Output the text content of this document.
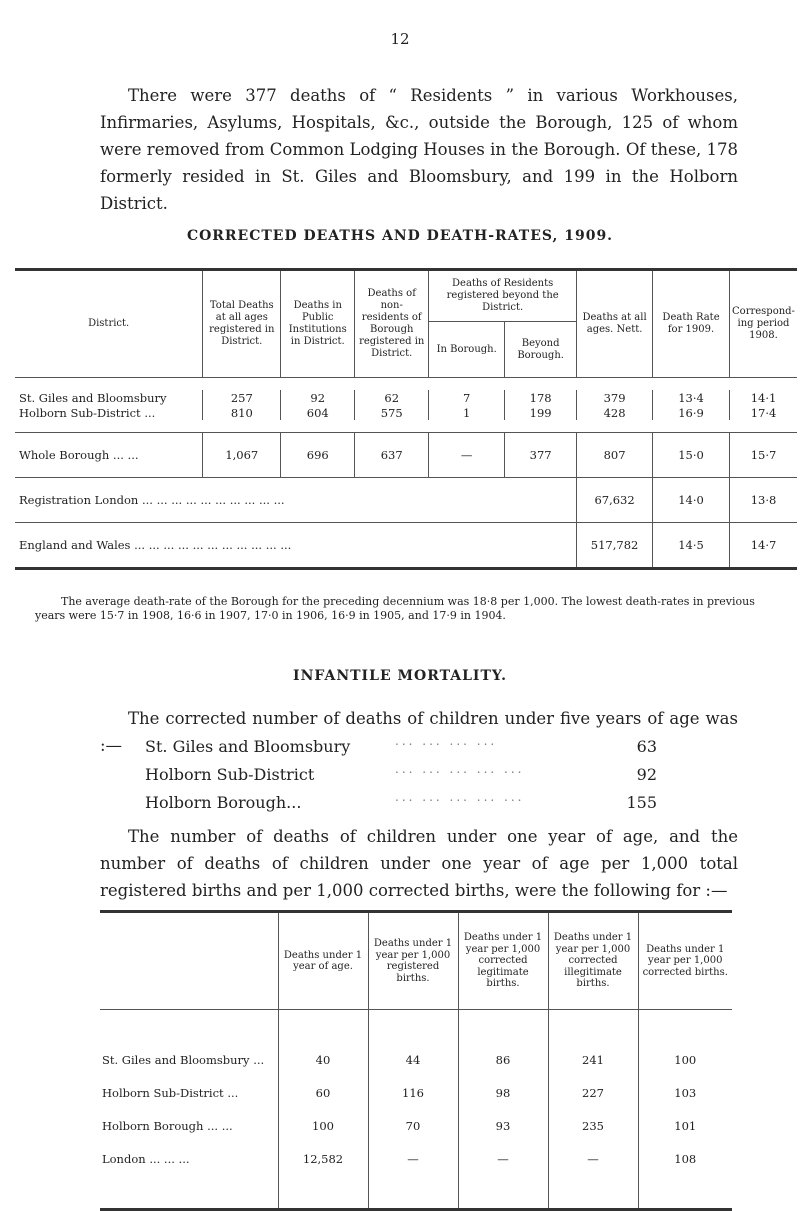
12

There were 377 deaths of “ Residents ” in various Workhouses, Infirmaries, Asylums, Hospitals, &c., outside the Borough, 125 of whom were removed from Common Lodging Houses in the Borough. Of these, 178 formerly resided in St. Giles and Bloomsbury, and 199 in the Holborn District.

CORRECTED DEATHS AND DEATH-RATES, 1909.
District.	Total Deaths at all ages registered in District.	Deaths in Public Institutions in District.	Deaths of non-residents of Borough registered in District.	Deaths of Residents registered beyond the District.		Deaths at all ages. Nett.	Death Rate for 1909.	Correspond-ing period 1908.
				In Borough.	Beyond Borough.			

St. Giles and Bloomsbury	257	92	62	7	178	379	13·4	14·1
Holborn Sub-District ...	810	604	575	1	199	428	16·9	17·4

Whole Borough ... ...	1,067	696	637	—	377	807	15·0	15·7
Registration London ... ... ... ... ... ... ... ... ... ...						67,632	14·0	13·8
England and Wales ... ... ... ... ... ... ... ... ... ... ...						517,782	14·5	14·7

The average death-rate of the Borough for the preceding decennium was 18·8 per 1,000. The lowest death-rates in previous years were 15·7 in 1908, 16·6 in 1907, 17·0 in 1906, 16·9 in 1905, and 17·9 in 1904.

INFANTILE MORTALITY.

The corrected number of deaths of children under five years of age was :—	St. Giles and Bloomsbury	... ... ... ...	63
Holborn Sub-District	... ... ... ... ...	92
Holborn Borough...	... ... ... ... ...	155

The number of deaths of children under one year of age, and the number of deaths of children under one year of age per 1,000 total registered births and per 1,000 corrected births, were the following for :—

	Deaths under 1 year of age.	Deaths under 1 year per 1,000 registered births.	Deaths under 1 year per 1,000 corrected legitimate births.	Deaths under 1 year per 1,000 corrected illegitimate births.	Deaths under 1 year per 1,000 corrected births.

St. Giles and Bloomsbury ...	40	44	86	241	100
Holborn Sub-District ...	60	116	98	227	103
Holborn Borough ... ...	100	70	93	235	101
London ... ... ...	12,582	—	—	—	108
